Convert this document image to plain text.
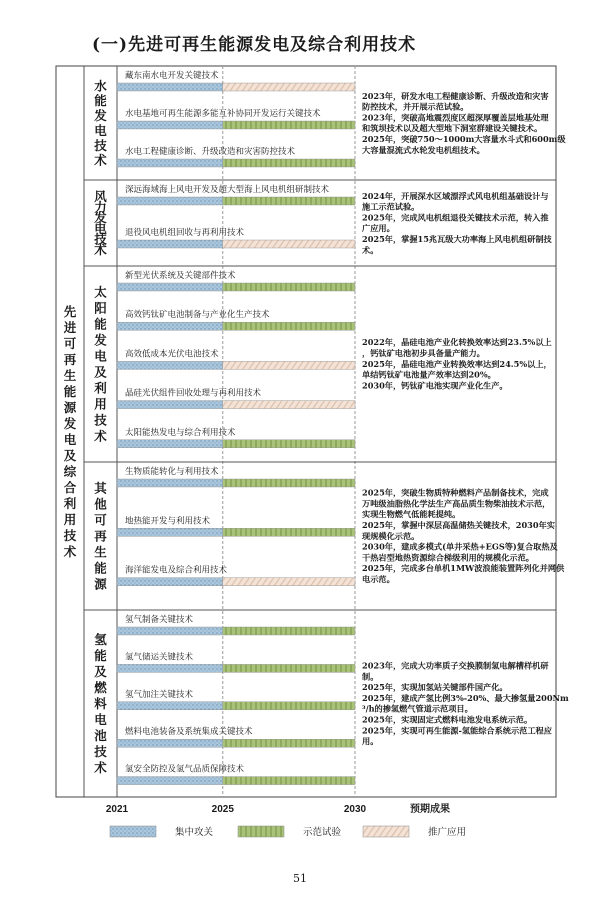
(一)先进可再生能源发电及综合利用技术
先进可再生能源发电及综合利用技术
水能发电技术
藏东南水电开发关键技术
水电基地可再生能源多能互补协同开发运行关键技术
水电工程健康诊断、升级改造和灾害防控技术
2023年，研发水电工程健康诊断、升级改造和灾害防控技术，并开展示范试验。 2023年，突破高地震烈度区超深厚覆盖层地基处理和筑坝技术以及超大型地下洞室群建设关键技术。 2025年，突破750～1000m大容量水斗式和600m级大容量混流式水轮发电机组技术。
风力发电技术
深远海域海上风电开发及超大型海上风电机组研制技术
退役风电机组回收与再利用技术
2024年，开展深水区域漂浮式风电机组基础设计与施工示范试验。 2025年，完成风电机组退役关键技术示范，转入推广应用。 2025年，掌握15兆瓦级大功率海上风电机组研制技术。
太阳能发电及利用技术
新型光伏系统及关键部件技术
高效钙钛矿电池制备与产业化生产技术
高效低成本光伏电池技术
晶硅光伏组件回收处理与再利用技术
太阳能热发电与综合利用技术
2022年，晶硅电池产业化转换效率达到23.5%以上，钙钛矿电池初步具备量产能力。 2025年，晶硅电池产业转换效率达到24.5%以上，单结钙钛矿电池量产效率达到20%。 2030年，钙钛矿电池实现产业化生产。
其他可再生能源
生物质能转化与利用技术
地热能开发与利用技术
海洋能发电及综合利用技术
2025年，突破生物质特种燃料产品制备技术，完成万吨级油脂热化学法生产高品质生物柴油技术示范，实现生物燃气低能耗提纯。 2025年，掌握中深层高温储热关键技术，2030年实现规模化示范。 2030年，建成多模式(单井采热+EGS等)复合取热及干热岩型地热资源综合梯级利用的规模化示范。 2025年，完成多台单机1MW波浪能装置阵列化并网供电示范。
氢能及燃料电池技术
氢气制备关键技术
氢气储运关键技术
氢气加注关键技术
燃料电池装备及系统集成关键技术
氢安全防控及氢气品质保障技术
2023年，完成大功率质子交换膜制氢电解槽样机研制。 2025年，实现加氢站关键部件国产化。 2025年，建成产氢比例3%-20%、最大掺氢量200Nm ³/h的掺氢燃气管道示范项目。 2025年，实现固定式燃料电池发电系统示范。 2025年，实现可再生能源-氢能综合系统示范工程应用。
2021	2025	2030	预期成果
集中攻关	示范试验	推广应用
51
